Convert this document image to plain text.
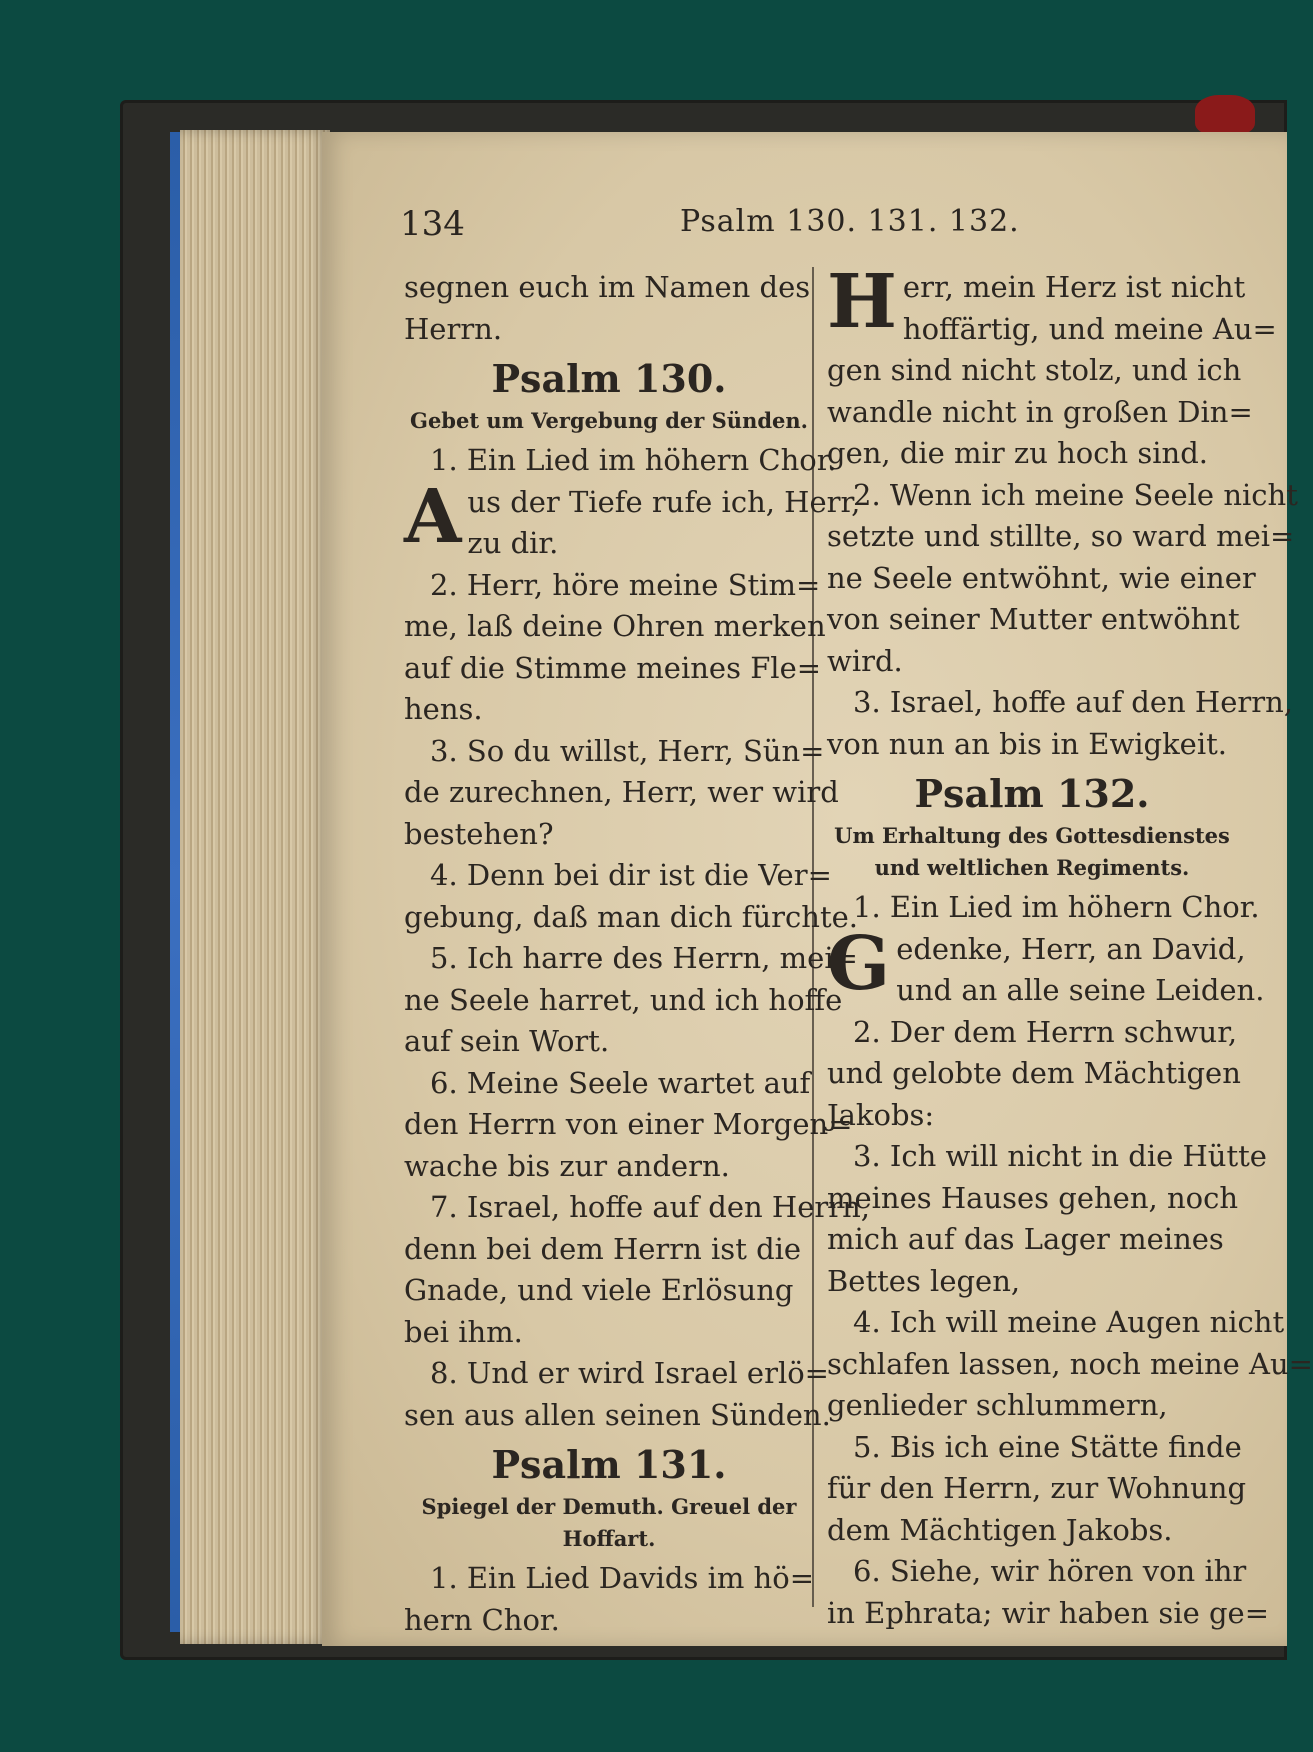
134	Psalm 130. 131. 132.
segnen euch im Namen des
Herrn.
Psalm 130.
Gebet um Vergebung der Sünden.
1. Ein Lied im höhern Chor.
A us der Tiefe rufe ich, Herr,
zu dir.
2. Herr, höre meine Stim=
me, laß deine Ohren merken
auf die Stimme meines Fle=
hens.
3. So du willst, Herr, Sün=
de zurechnen, Herr, wer wird
bestehen?
4. Denn bei dir ist die Ver=
gebung, daß man dich fürchte.
5. Ich harre des Herrn, mei=
ne Seele harret, und ich hoffe
auf sein Wort.
6. Meine Seele wartet auf
den Herrn von einer Morgen=
wache bis zur andern.
7. Israel, hoffe auf den Herrn,
denn bei dem Herrn ist die
Gnade, und viele Erlösung
bei ihm.
8. Und er wird Israel erlö=
sen aus allen seinen Sünden.
Psalm 131.
Spiegel der Demuth. Greuel der
Hoffart.
1. Ein Lied Davids im hö=
hern Chor.
H err, mein Herz ist nicht
hoffärtig, und meine Au=
gen sind nicht stolz, und ich
wandle nicht in großen Din=
gen, die mir zu hoch sind.
2. Wenn ich meine Seele nicht
setzte und stillte, so ward mei=
ne Seele entwöhnt, wie einer
von seiner Mutter entwöhnt
wird.
3. Israel, hoffe auf den Herrn,
von nun an bis in Ewigkeit.
Psalm 132.
Um Erhaltung des Gottesdienstes
und weltlichen Regiments.
1. Ein Lied im höhern Chor.
G edenke, Herr, an David,
und an alle seine Leiden.
2. Der dem Herrn schwur,
und gelobte dem Mächtigen
Jakobs:
3. Ich will nicht in die Hütte
meines Hauses gehen, noch
mich auf das Lager meines
Bettes legen,
4. Ich will meine Augen nicht
schlafen lassen, noch meine Au=
genlieder schlummern,
5. Bis ich eine Stätte finde
für den Herrn, zur Wohnung
dem Mächtigen Jakobs.
6. Siehe, wir hören von ihr
in Ephrata; wir haben sie ge=
